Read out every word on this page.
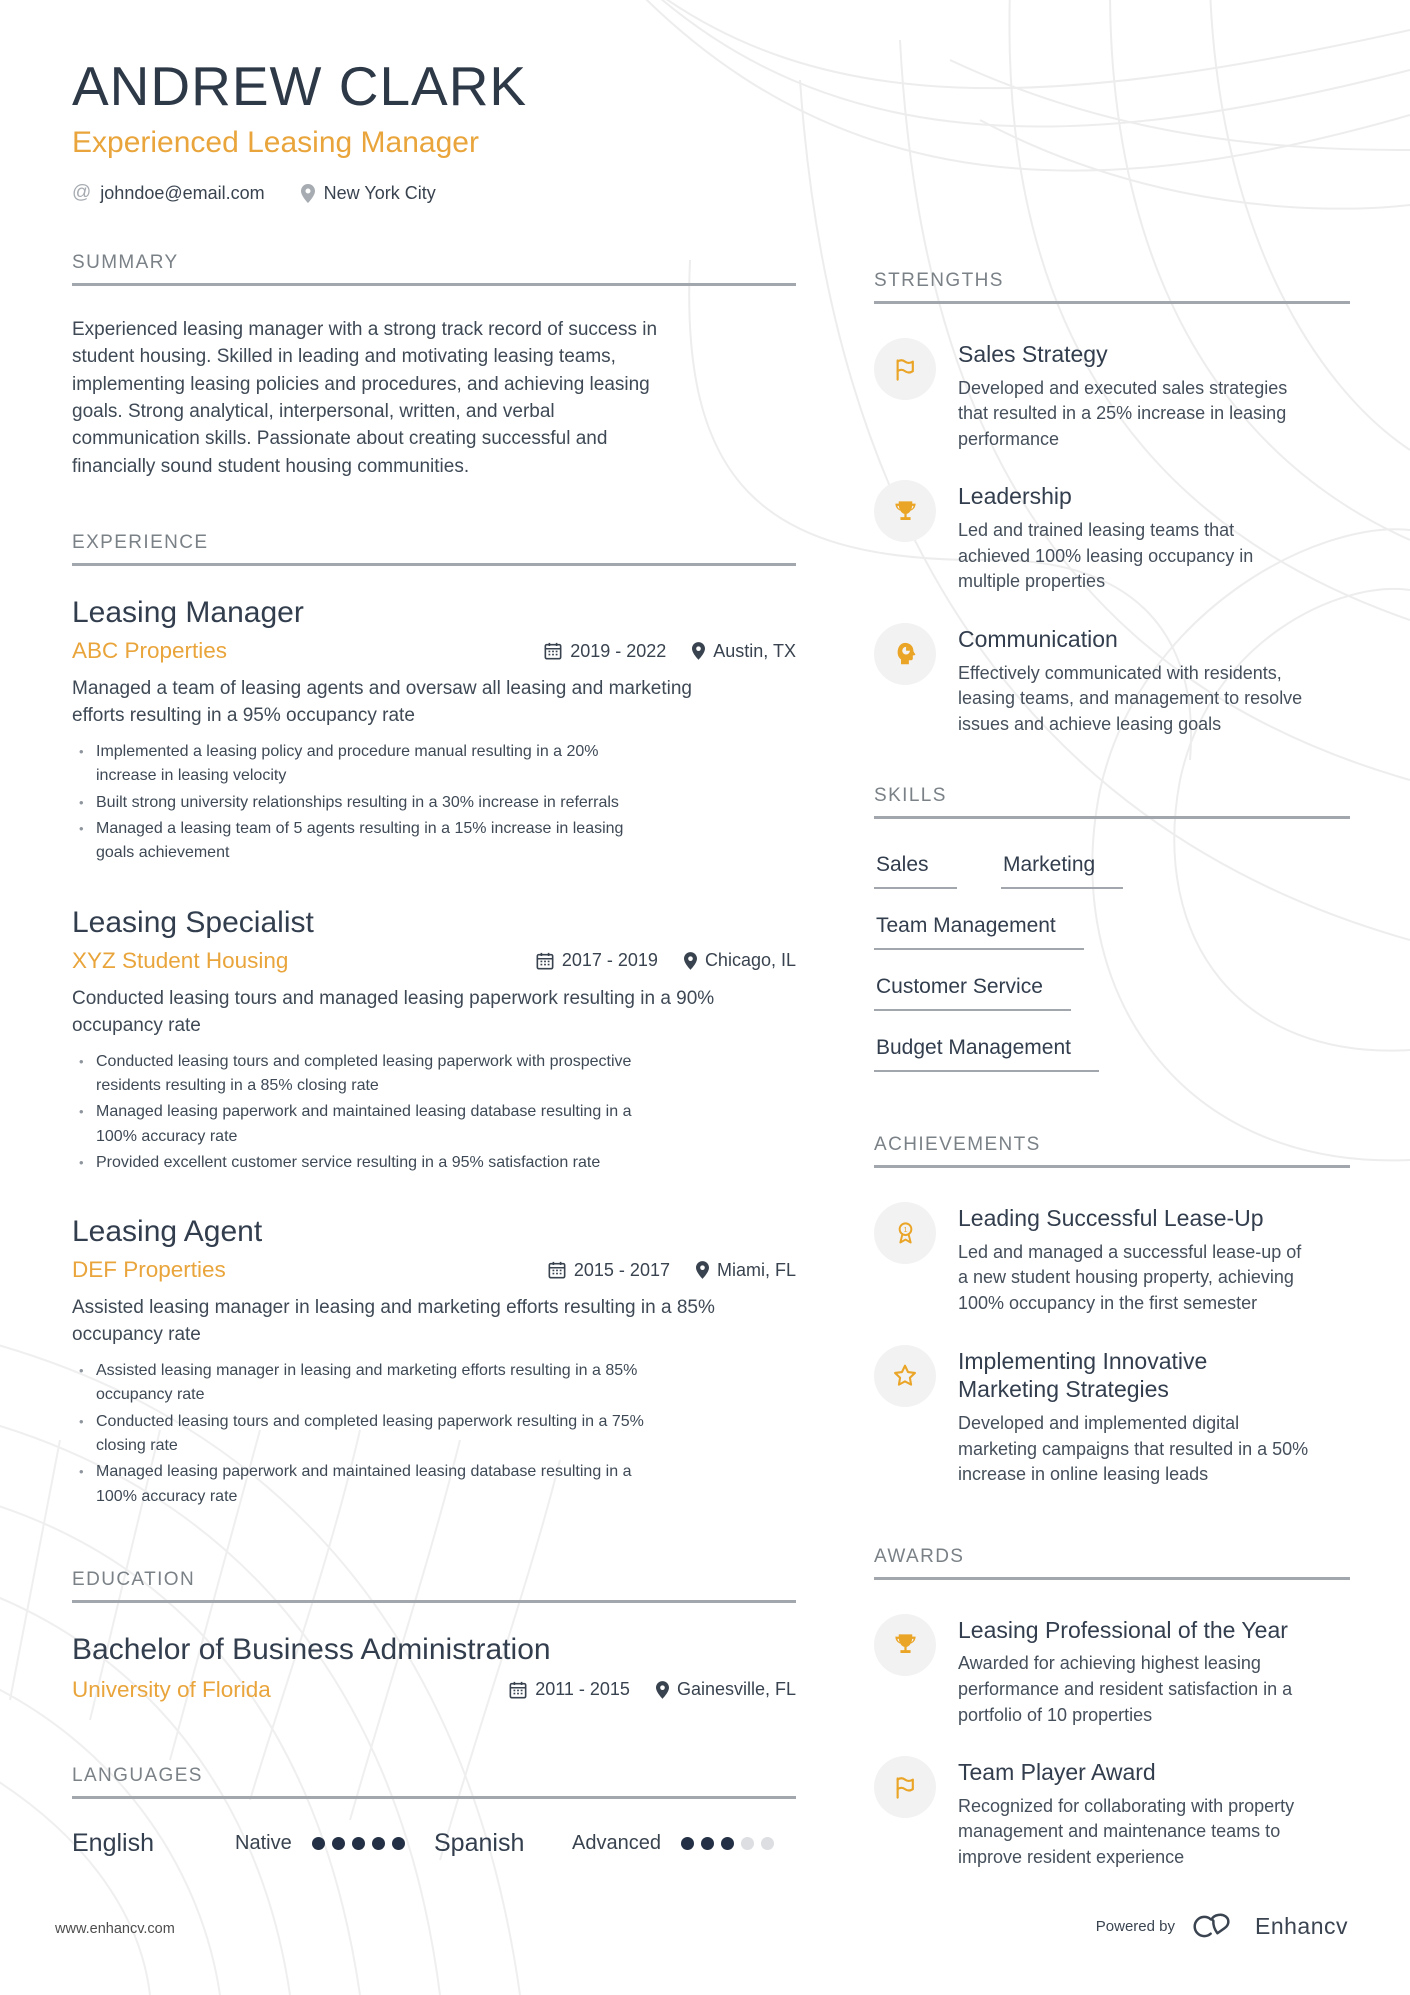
ANDREW CLARK
Experienced Leasing Manager
@ johndoe@email.com	New York City
SUMMARY

Experienced leasing manager with a strong track record of success in student housing. Skilled in leading and motivating leasing teams, implementing leasing policies and procedures, and achieving leasing goals. Strong analytical, interpersonal, written, and verbal communication skills. Passionate about creating successful and financially sound student housing communities.

EXPERIENCE
Leasing Manager
ABC Properties	2019 - 2022	Austin, TX

Managed a team of leasing agents and oversaw all leasing and marketing efforts resulting in a 95% occupancy rate

• Implemented a leasing policy and procedure manual resulting in a 20% increase in leasing velocity
• Built strong university relationships resulting in a 30% increase in referrals
• Managed a leasing team of 5 agents resulting in a 15% increase in leasing goals achievement
Leasing Specialist
XYZ Student Housing	2017 - 2019	Chicago, IL

Conducted leasing tours and managed leasing paperwork resulting in a 90% occupancy rate

• Conducted leasing tours and completed leasing paperwork with prospective residents resulting in a 85% closing rate
• Managed leasing paperwork and maintained leasing database resulting in a 100% accuracy rate
• Provided excellent customer service resulting in a 95% satisfaction rate
Leasing Agent
DEF Properties	2015 - 2017	Miami, FL

Assisted leasing manager in leasing and marketing efforts resulting in a 85% occupancy rate

• Assisted leasing manager in leasing and marketing efforts resulting in a 85% occupancy rate
• Conducted leasing tours and completed leasing paperwork resulting in a 75% closing rate
• Managed leasing paperwork and maintained leasing database resulting in a 100% accuracy rate
EDUCATION
Bachelor of Business Administration
University of Florida	2011 - 2015	Gainesville, FL
LANGUAGES
English	Native	Spanish	Advanced
STRENGTHS
Sales Strategy
Developed and executed sales strategies that resulted in a 25% increase in leasing performance
Leadership
Led and trained leasing teams that achieved 100% leasing occupancy in multiple properties
Communication
Effectively communicated with residents, leasing teams, and management to resolve issues and achieve leasing goals
SKILLS
Sales	Marketing
Team Management
Customer Service
Budget Management
ACHIEVEMENTS
1 Leading Successful Lease-Up
Led and managed a successful lease-up of a new student housing property, achieving 100% occupancy in the first semester
Implementing Innovative Marketing Strategies
Developed and implemented digital marketing campaigns that resulted in a 50% increase in online leasing leads
AWARDS
Leasing Professional of the Year
Awarded for achieving highest leasing performance and resident satisfaction in a portfolio of 10 properties
Team Player Award
Recognized for collaborating with property management and maintenance teams to improve resident experience
www.enhancv.com	Powered by	Enhancv
